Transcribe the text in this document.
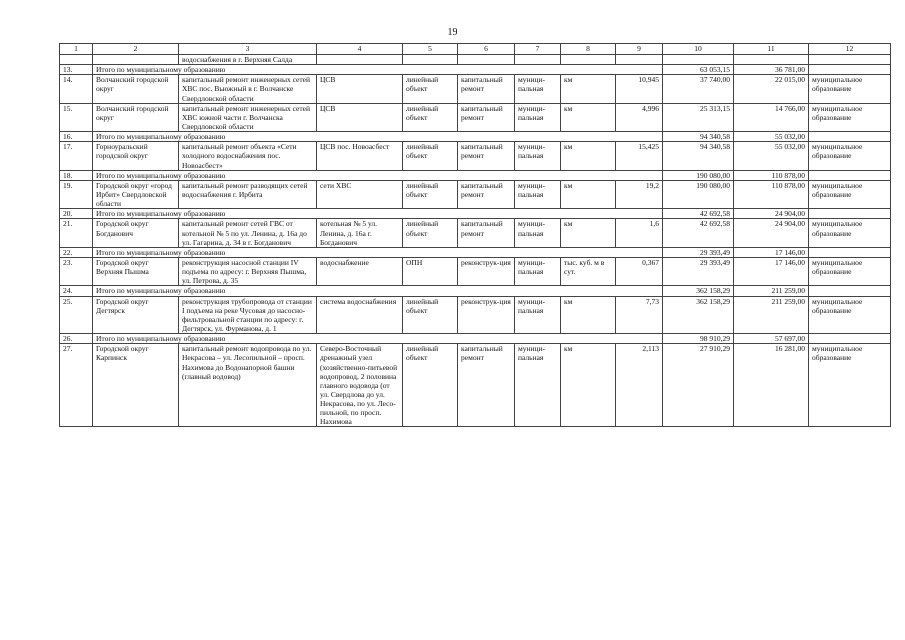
19
1	2	3	4	5	6	7	8	9	10	11	12
		водоснабжения в г. Верхняя Салда									
13.	Итого по муниципальному образованию								63 053,15	36 781,00	
14.	Волчанский городской округ	капитальный ремонт инженерных сетей ХВС пос. Вьюжный в г. Волчанске Свердловской области	ЦСВ	линейный объект	капитальный ремонт	муници-пальная	км	10,945	37 740,00	22 015,00	муниципальное образование
15.	Волчанский городской округ	капитальный ремонт инженерных сетей ХВС южной части г. Волчанска Свердловской области	ЦСВ	линейный объект	капитальный ремонт	муници-пальная	км	4,996	25 313,15	14 766,00	муниципальное образование
16.	Итого по муниципальному образованию								94 340,58	55 032,00	
17.	Горноуральский городской округ	капитальный ремонт объекта «Сети холодного водоснабжения пос. Новоасбест»	ЦСВ пос. Новоасбест	линейный объект	капитальный ремонт	муници-пальная	км	15,425	94 340,58	55 032,00	муниципальное образование
18.	Итого по муниципальному образованию								190 080,00	110 878,00	
19.	Городской округ «город Ирбит» Свердловской области	капитальный ремонт разводящих сетей водоснабжения г. Ирбита	сети ХВС	линейный объект	капитальный ремонт	муници-пальная	км	19,2	190 080,00	110 878,00	муниципальное образование
20.	Итого по муниципальному образованию								42 692,58	24 904,00	
21.	Городской округ Богданович	капитальный ремонт сетей ГВС от котельной № 5 по ул. Ленина, д. 16а до ул. Гагарина, д. 34 в г. Богданович	котельная № 5 ул. Ленина, д. 16а г. Богданович	линейный объект	капитальный ремонт	муници-пальная	км	1,6	42 692,58	24 904,00	муниципальное образование
22.	Итого по муниципальному образованию								29 393,49	17 146,00	
23.	Городской округ Верхняя Пышма	реконструкция насосной станции IV подъема по адресу: г. Верхняя Пышма, ул. Петрова, д. 35	водоснабжение	ОПН	реконструк-ция	муници-пальная	тыс. куб. м в сут.	0,367	29 393,49	17 146,00	муниципальное образование
24.	Итого по муниципальному образованию								362 158,29	211 259,00	
25.	Городской округ Дегтярск	реконструкция трубопровода от станции I подъема на реке Чусовая до насосно-фильтровальной станции по адресу: г. Дегтярск, ул. Фурманова, д. 1	система водоснабжения	линейный объект	реконструк-ция	муници-пальная	км	7,73	362 158,29	211 259,00	муниципальное образование
26.	Итого по муниципальному образованию								98 910,29	57 697,00	
27.	Городской округ Карпинск	капитальный ремонт водопровода по ул. Некрасова – ул. Лесопильной – просп. Нахимова до Водонапорной башни (главный водовод)	Северо-Восточный дренажный узел (хозяйственно-питьевой водопровод, 2 половина главного водовода (от ул. Свердлова до ул. Некрасова, по ул. Лесо-пильной, по просп. Нахимова	линейный объект	капитальный ремонт	муници-пальная	км	2,113	27 910,29	16 281,00	муниципальное образование
